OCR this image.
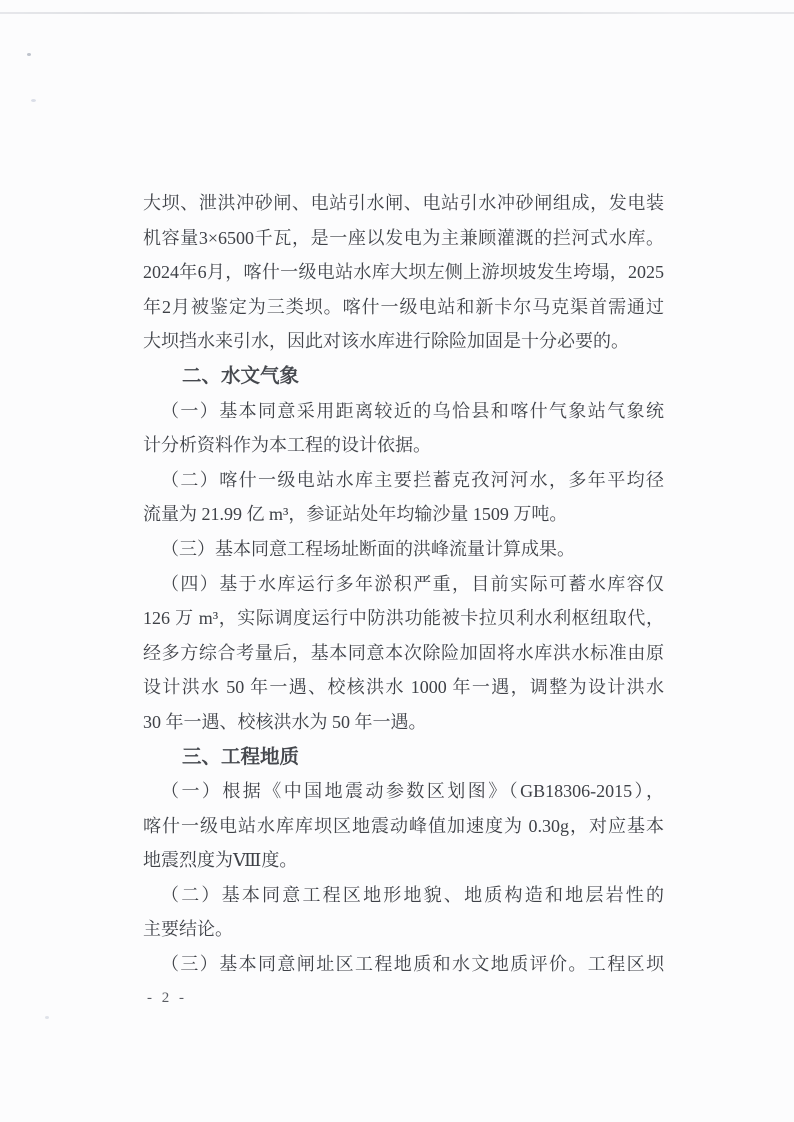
大坝、泄洪冲砂闸、电站引水闸、电站引水冲砂闸组成，发电装
机容量3×6500千瓦，是一座以发电为主兼顾灌溉的拦河式水库。
2024年6月，喀什一级电站水库大坝左侧上游坝坡发生垮塌，2025
年2月被鉴定为三类坝。喀什一级电站和新卡尔马克渠首需通过
大坝挡水来引水，因此对该水库进行除险加固是十分必要的。
二、水文气象
（一）基本同意采用距离较近的乌恰县和喀什气象站气象统
计分析资料作为本工程的设计依据。
（二）喀什一级电站水库主要拦蓄克孜河河水，多年平均径
流量为 21.99 亿 m³，参证站处年均输沙量 1509 万吨。
（三）基本同意工程场址断面的洪峰流量计算成果。
（四）基于水库运行多年淤积严重，目前实际可蓄水库容仅
126 万 m³，实际调度运行中防洪功能被卡拉贝利水利枢纽取代，
经多方综合考量后，基本同意本次除险加固将水库洪水标准由原
设计洪水 50 年一遇、校核洪水 1000 年一遇，调整为设计洪水
30 年一遇、校核洪水为 50 年一遇。
三、工程地质
（一）根据《中国地震动参数区划图》（GB18306-2015），
喀什一级电站水库库坝区地震动峰值加速度为 0.30g，对应基本
地震烈度为Ⅷ度。
（二）基本同意工程区地形地貌、地质构造和地层岩性的
主要结论。
（三）基本同意闸址区工程地质和水文地质评价。工程区坝
- 2 -
